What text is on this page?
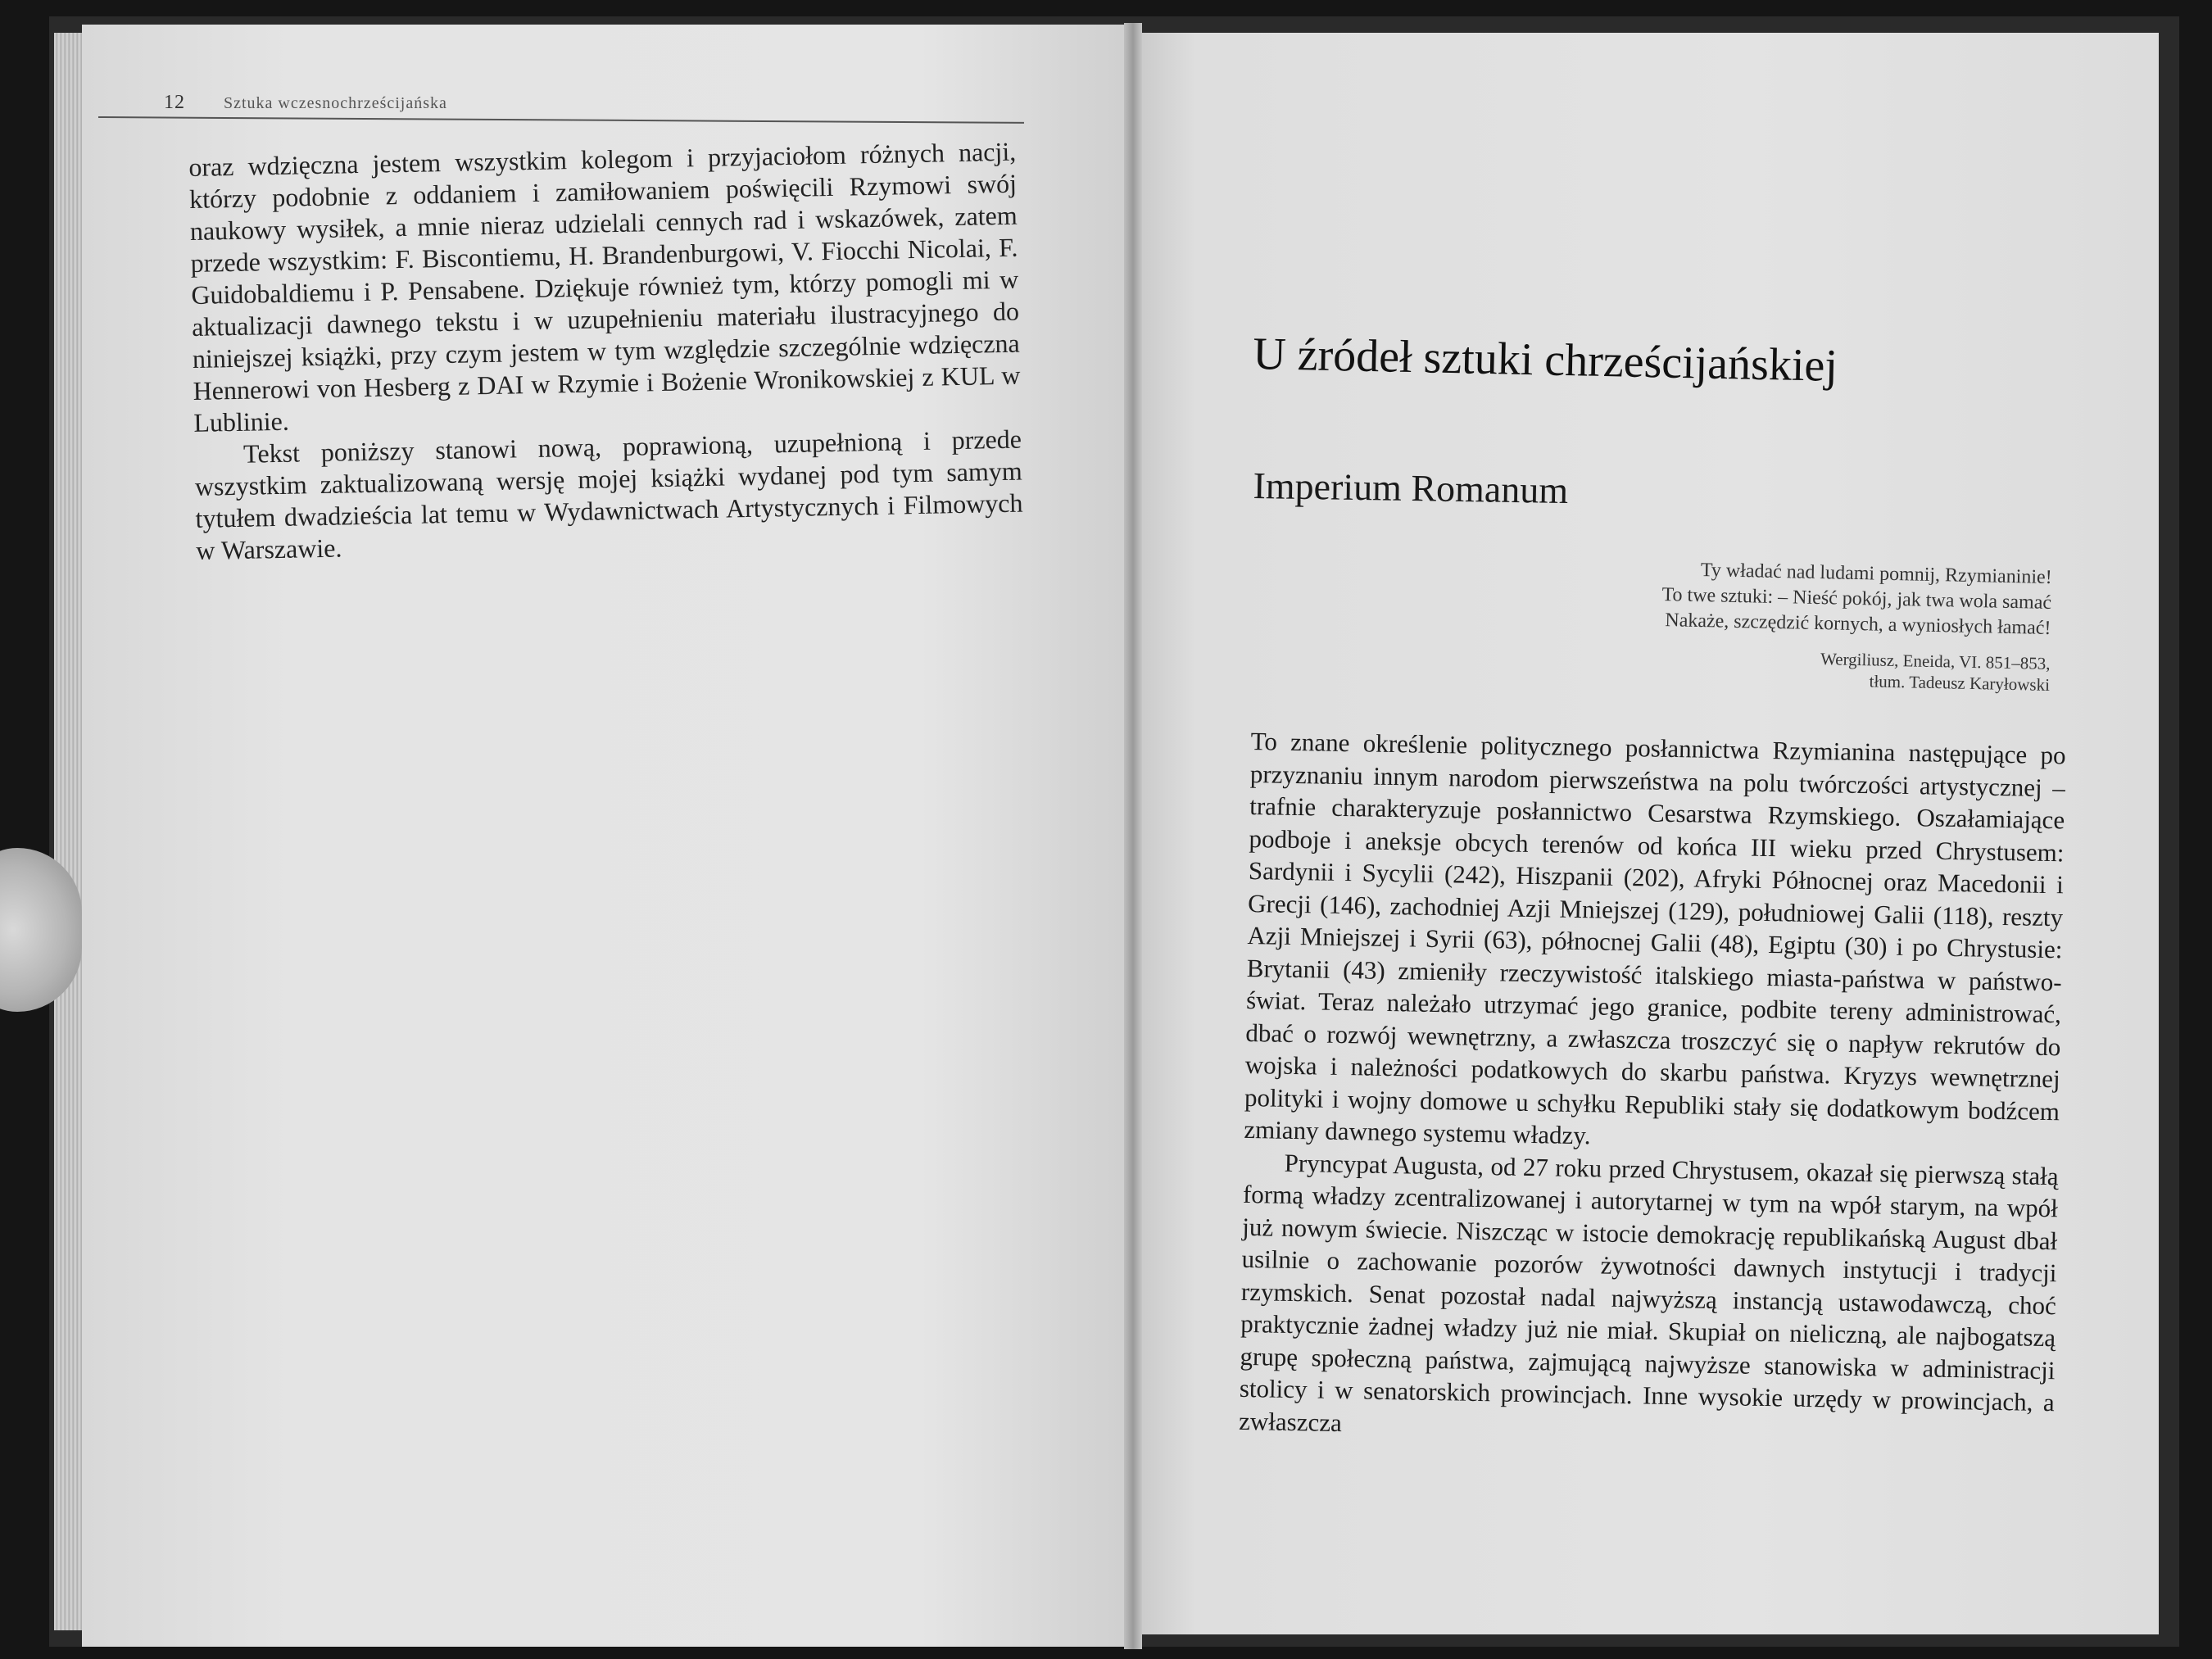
12 Sztuka wczesnochrześcijańska

oraz wdzięczna jestem wszystkim kolegom i przyjaciołom różnych nacji, którzy podobnie z oddaniem i zamiłowaniem poświęcili Rzymowi swój naukowy wysiłek, a mnie nieraz udzielali cennych rad i wskazówek, zatem przede wszystkim: F. Biscontiemu, H. Brandenburgowi, V. Fiocchi Nicolai, F. Guidobaldiemu i P. Pensabene. Dziękuje również tym, którzy pomogli mi w aktualizacji dawnego tekstu i w uzupełnieniu materiału ilustracyjnego do niniejszej książki, przy czym jestem w tym względzie szczególnie wdzięczna Hennerowi von Hesberg z DAI w Rzymie i Bożenie Wronikowskiej z KUL w Lublinie.

Tekst poniższy stanowi nową, poprawioną, uzupełnioną i przede wszystkim zaktualizowaną wersję mojej książki wydanej pod tym samym tytułem dwadzieścia lat temu w Wydawnictwach Artystycznych i Filmowych w Warszawie.

U źródeł sztuki chrześcijańskiej
Imperium Romanum
Ty władać nad ludami pomnij, Rzymianinie!
To twe sztuki: – Nieść pokój, jak twa wola samać
Nakaże, szczędzić kornych, a wyniosłych łamać!
Wergiliusz, Eneida, VI. 851–853,
tłum. Tadeusz Karyłowski

To znane określenie politycznego posłannictwa Rzymianina następujące po przyznaniu innym narodom pierwszeństwa na polu twórczości artystycznej – trafnie charakteryzuje posłannictwo Cesarstwa Rzymskiego. Oszałamiające podboje i aneksje obcych terenów od końca III wieku przed Chrystusem: Sardynii i Sycylii (242), Hiszpanii (202), Afryki Północnej oraz Macedonii i Grecji (146), zachodniej Azji Mniejszej (129), południowej Galii (118), reszty Azji Mniejszej i Syrii (63), północnej Galii (48), Egiptu (30) i po Chrystusie: Brytanii (43) zmieniły rzeczywistość italskiego miasta-państwa w państwo-świat. Teraz należało utrzymać jego granice, podbite tereny administrować, dbać o rozwój wewnętrzny, a zwłaszcza troszczyć się o napływ rekrutów do wojska i należności podatkowych do skarbu państwa. Kryzys wewnętrznej polityki i wojny domowe u schyłku Republiki stały się dodatkowym bodźcem zmiany dawnego systemu władzy.

Pryncypat Augusta, od 27 roku przed Chrystusem, okazał się pierwszą stałą formą władzy zcentralizowanej i autorytarnej w tym na wpół starym, na wpół już nowym świecie. Niszcząc w istocie demokrację republikańską August dbał usilnie o zachowanie pozorów żywotności dawnych instytucji i tradycji rzymskich. Senat pozostał nadal najwyższą instancją ustawodawczą, choć praktycznie żadnej władzy już nie miał. Skupiał on nieliczną, ale najbogatszą grupę społeczną państwa, zajmującą najwyższe stanowiska w administracji stolicy i w senatorskich prowincjach. Inne wysokie urzędy w prowincjach, a zwłaszcza
